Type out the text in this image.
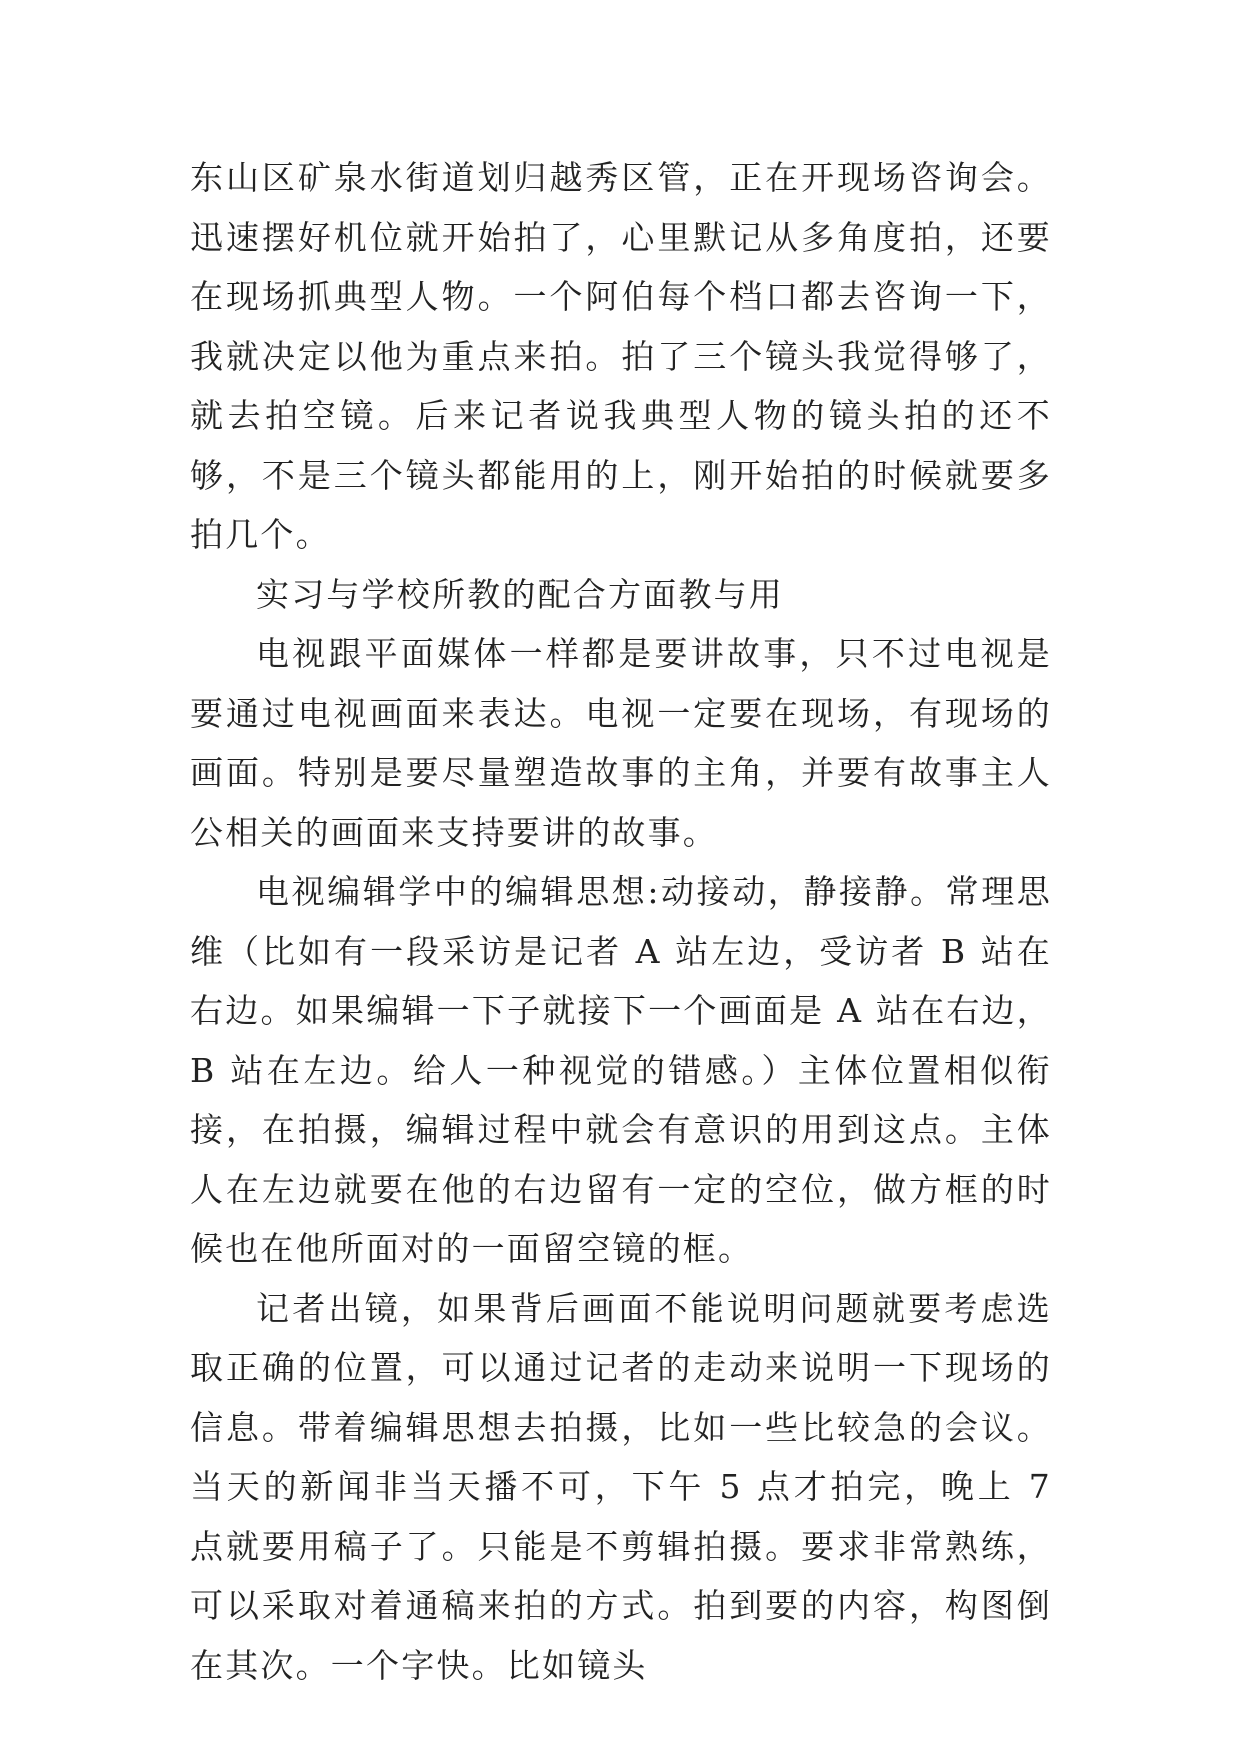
东山区矿泉水街道划归越秀区管，正在开现场咨询会。迅速摆好机位就开始拍了，心里默记从多角度拍，还要在现场抓典型人物。一个阿伯每个档口都去咨询一下，我就决定以他为重点来拍。拍了三个镜头我觉得够了，就去拍空镜。后来记者说我典型人物的镜头拍的还不够，不是三个镜头都能用的上，刚开始拍的时候就要多拍几个。

实习与学校所教的配合方面教与用

电视跟平面媒体一样都是要讲故事，只不过电视是要通过电视画面来表达。电视一定要在现场，有现场的画面。特别是要尽量塑造故事的主角，并要有故事主人公相关的画面来支持要讲的故事。

电视编辑学中的编辑思想:动接动，静接静。常理思维（比如有一段采访是记者 A 站左边，受访者 B 站在右边。如果编辑一下子就接下一个画面是 A 站在右边，B 站在左边。给人一种视觉的错感。）主体位置相似衔接，在拍摄，编辑过程中就会有意识的用到这点。主体人在左边就要在他的右边留有一定的空位，做方框的时候也在他所面对的一面留空镜的框。

记者出镜，如果背后画面不能说明问题就要考虑选取正确的位置，可以通过记者的走动来说明一下现场的信息。带着编辑思想去拍摄，比如一些比较急的会议。当天的新闻非当天播不可，下午 5 点才拍完，晚上 7 点就要用稿子了。只能是不剪辑拍摄。要求非常熟练，可以采取对着通稿来拍的方式。拍到要的内容，构图倒在其次。一个字快。比如镜头
